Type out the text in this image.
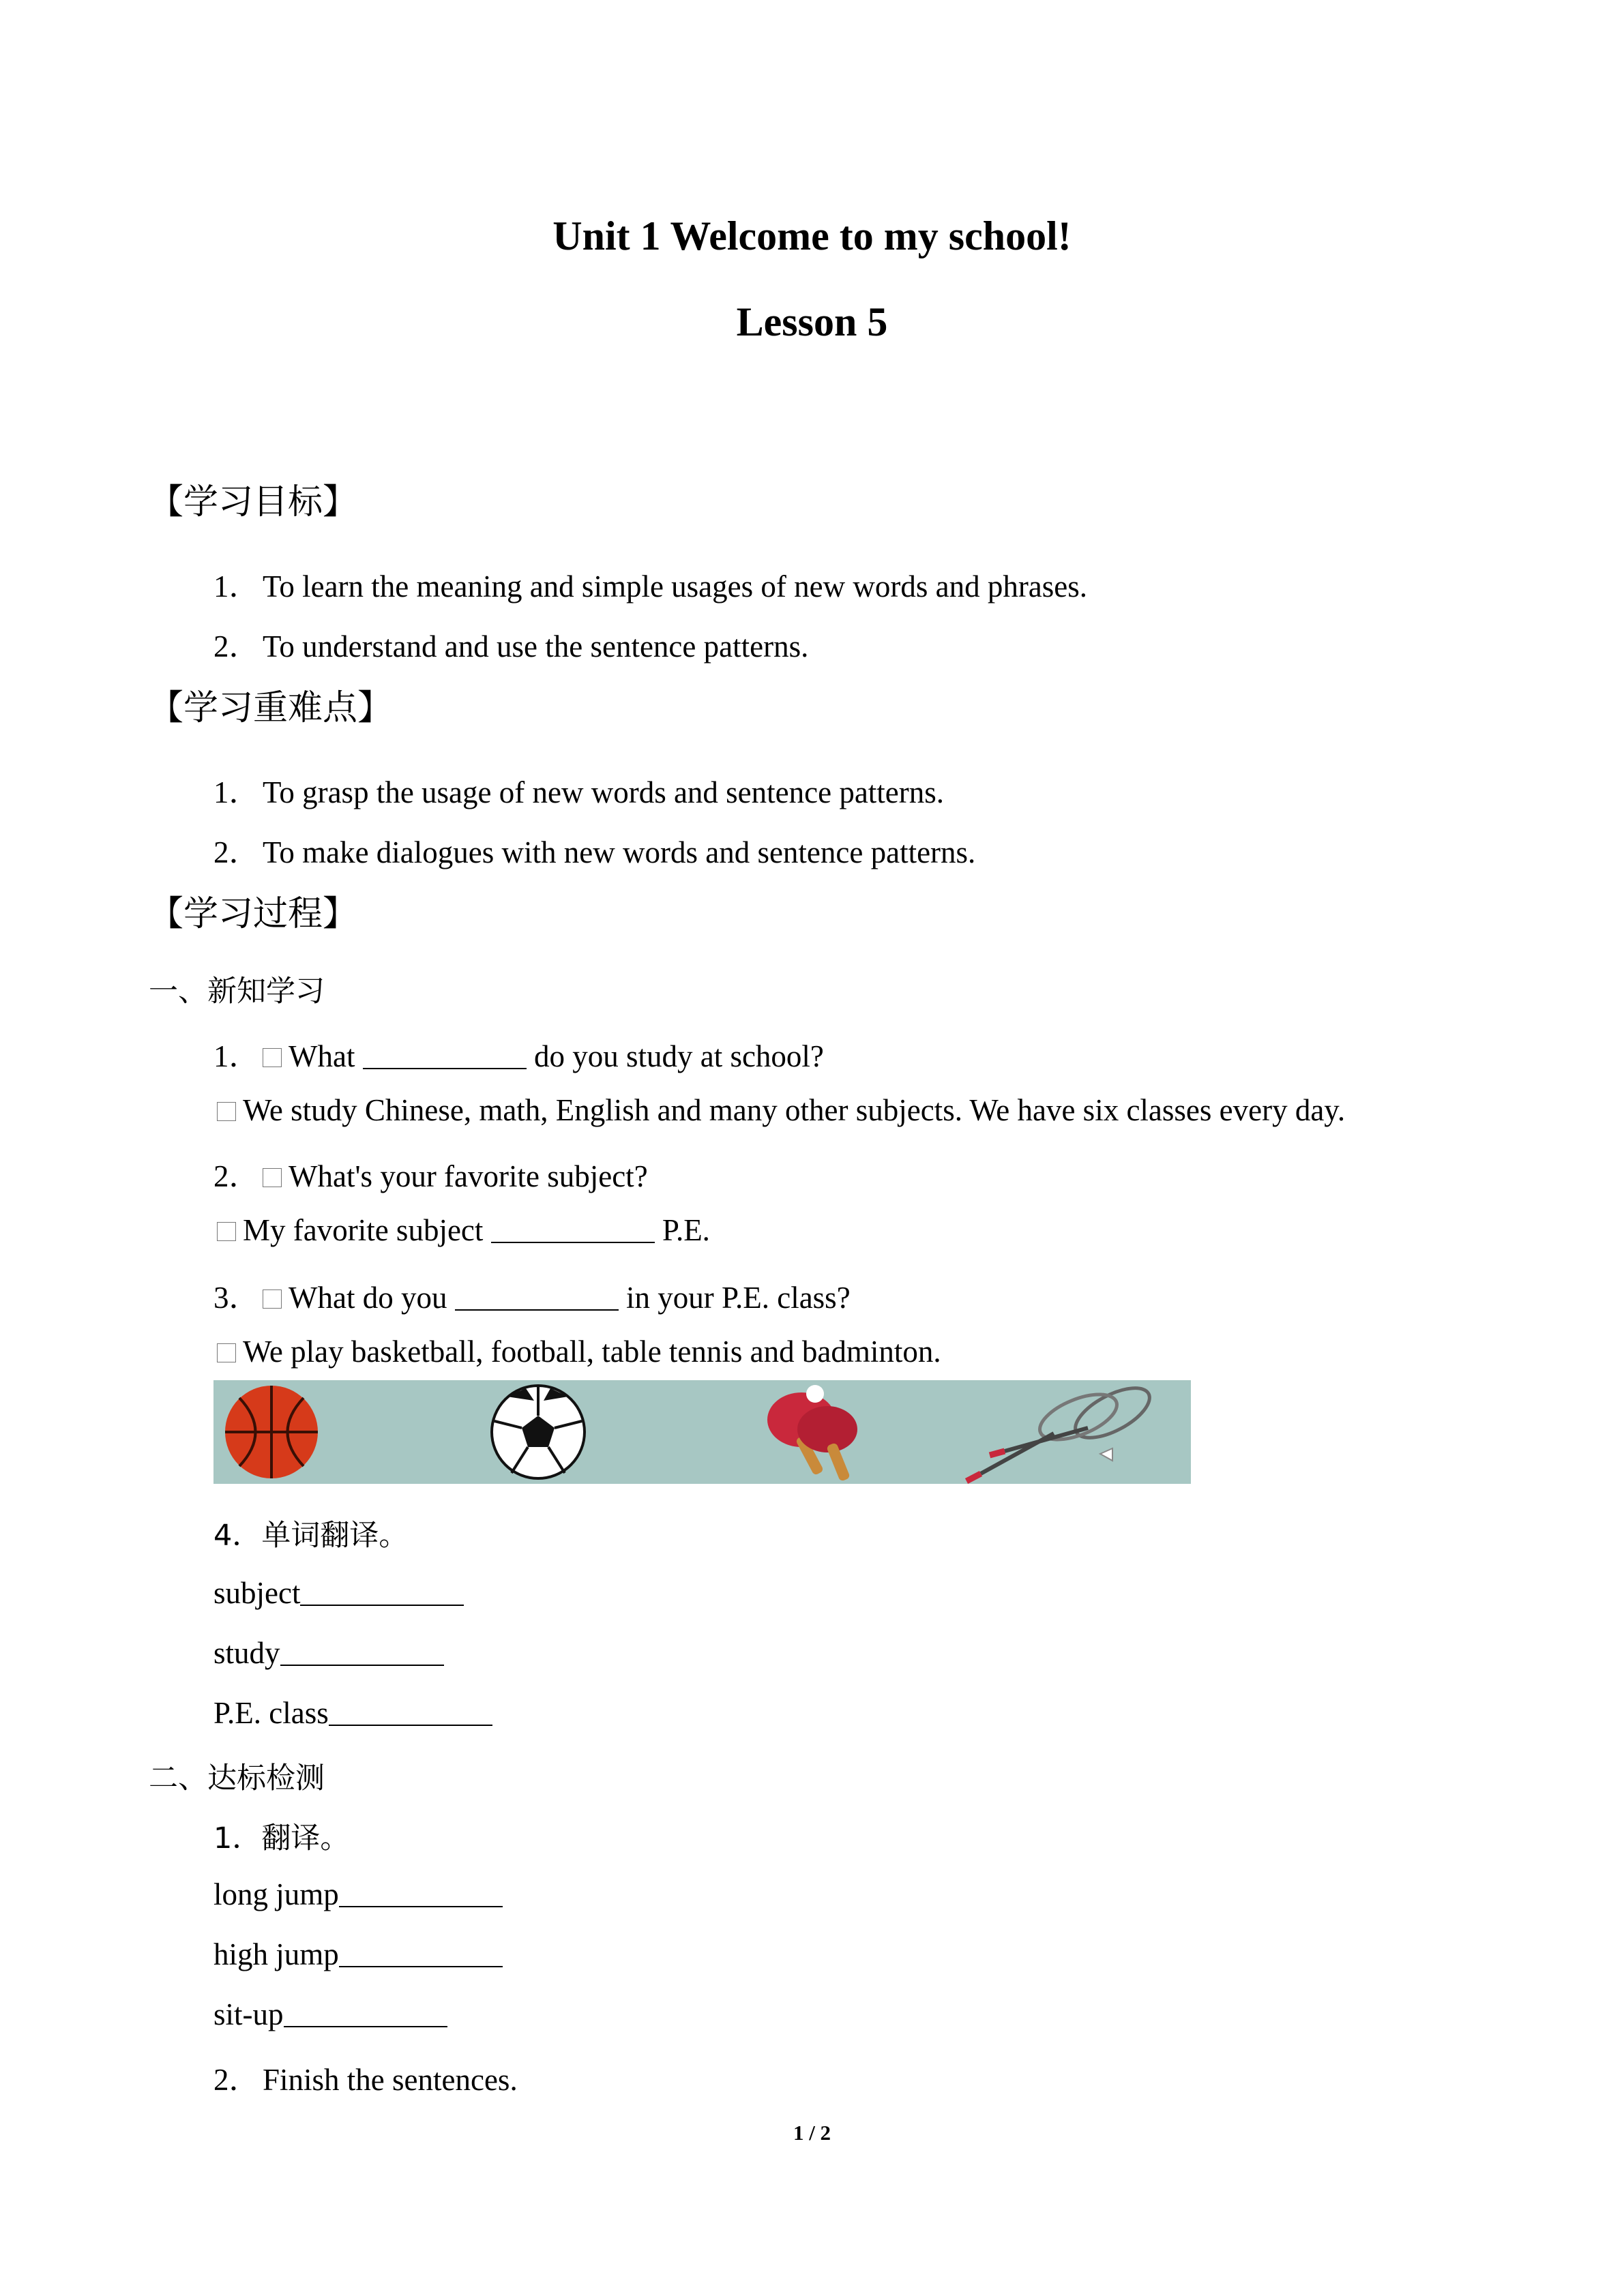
Unit 1 Welcome to my school!
Lesson 5
【学习目标】
1．To learn the meaning and simple usages of new words and phrases.
2．To understand and use the sentence patterns.
【学习重难点】
1．To grasp the usage of new words and sentence patterns.
2．To make dialogues with new words and sentence patterns.
【学习过程】
一、新知学习
1． What	do you study at school?
We study Chinese, math, English and many other subjects. We have six classes every day.
2． What's your favorite subject?
My favorite subject	P.E.
3． What do you	in your P.E. class?
We play basketball, football, table tennis and badminton.
4．单词翻译。
subject
study
P.E. class
二、达标检测
1．翻译。
long jump
high jump
sit-up
2．Finish the sentences.
1 / 2
